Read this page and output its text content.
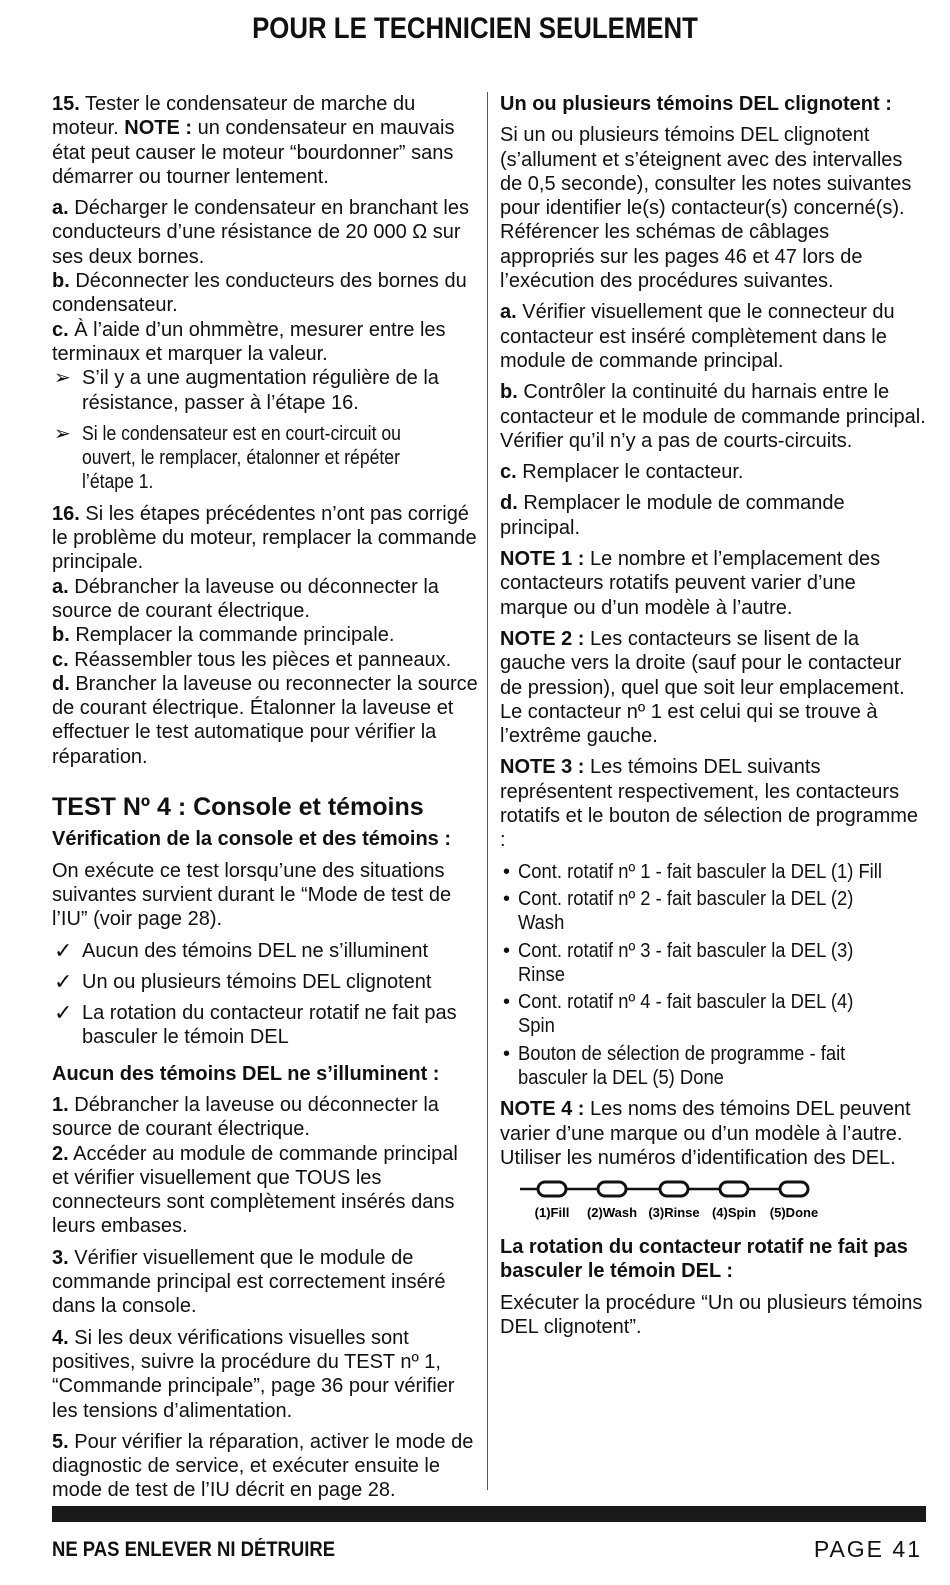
POUR LE TECHNICIEN SEULEMENT

15. Tester le condensateur de marche du moteur. NOTE : un condensateur en mauvais état peut causer le moteur “bourdonner” sans démarrer ou tourner lentement.

a. Décharger le condensateur en branchant les conducteurs d’une résistance de 20 000 Ω sur ses deux bornes.

b. Déconnecter les conducteurs des bornes du condensateur.

c. À l’aide d’un ohmmètre, mesurer entre les terminaux et marquer la valeur.

➢ S’il y a une augmentation régulière de la résistance, passer à l’étape 16.
➢ Si le condensateur est en court-circuit ou ouvert, le remplacer, étalonner et répéter l’étape 1.

16. Si les étapes précédentes n’ont pas corrigé le problème du moteur, remplacer la commande principale.

a. Débrancher la laveuse ou déconnecter la source de courant électrique.

b. Remplacer la commande principale.

c. Réassembler tous les pièces et panneaux.

d. Brancher la laveuse ou reconnecter la source de courant électrique. Étalonner la laveuse et effectuer le test automatique pour vérifier la réparation.

TEST Nº 4 : Console et témoins

Vérification de la console et des témoins :

On exécute ce test lorsqu’une des situations suivantes survient durant le “Mode de test de l’IU” (voir page 28).

✓ Aucun des témoins DEL ne s’illuminent
✓ Un ou plusieurs témoins DEL clignotent
✓ La rotation du contacteur rotatif ne fait pas basculer le témoin DEL

Aucun des témoins DEL ne s’illuminent :

1. Débrancher la laveuse ou déconnecter la source de courant électrique.

2. Accéder au module de commande principal et vérifier visuellement que TOUS les connecteurs sont complètement insérés dans leurs embases.

3. Vérifier visuellement que le module de commande principal est correctement inséré dans la console.

4. Si les deux vérifications visuelles sont positives, suivre la procédure du TEST nº 1, “Commande principale”, page 36 pour vérifier les tensions d’alimentation.

5. Pour vérifier la réparation, activer le mode de diagnostic de service, et exécuter ensuite le mode de test de l’IU décrit en page 28.

Un ou plusieurs témoins DEL clignotent :

Si un ou plusieurs témoins DEL clignotent (s’allument et s’éteignent avec des intervalles de 0,5 seconde), consulter les notes suivantes pour identifier le(s) contacteur(s) concerné(s). Référencer les schémas de câblages appropriés sur les pages 46 et 47 lors de l’exécution des procédures suivantes.

a. Vérifier visuellement que le connecteur du contacteur est inséré complètement dans le module de commande principal.

b. Contrôler la continuité du harnais entre le contacteur et le module de commande principal. Vérifier qu’il n’y a pas de courts-circuits.

c. Remplacer le contacteur.

d. Remplacer le module de commande principal.

NOTE 1 : Le nombre et l’emplacement des contacteurs rotatifs peuvent varier d’une marque ou d’un modèle à l’autre.

NOTE 2 : Les contacteurs se lisent de la gauche vers la droite (sauf pour le contacteur de pression), quel que soit leur emplacement. Le contacteur nº 1 est celui qui se trouve à l’extrême gauche.

NOTE 3 : Les témoins DEL suivants représentent respectivement, les contacteurs rotatifs et le bouton de sélection de programme :

• Cont. rotatif nº 1 - fait basculer la DEL (1) Fill
• Cont. rotatif nº 2 - fait basculer la DEL (2) Wash
• Cont. rotatif nº 3 - fait basculer la DEL (3) Rinse
• Cont. rotatif nº 4 - fait basculer la DEL (4) Spin
• Bouton de sélection de programme - fait basculer la DEL (5) Done

NOTE 4 : Les noms des témoins DEL peuvent varier d’une marque ou d’un modèle à l’autre. Utiliser les numéros d’identification des DEL.

(1)Fill (2)Wash (3)Rinse (4)Spin (5)Done

La rotation du contacteur rotatif ne fait pas basculer le témoin DEL :

Exécuter la procédure “Un ou plusieurs témoins DEL clignotent”.

NE PAS ENLEVER NI DÉTRUIRE	PAGE 41
